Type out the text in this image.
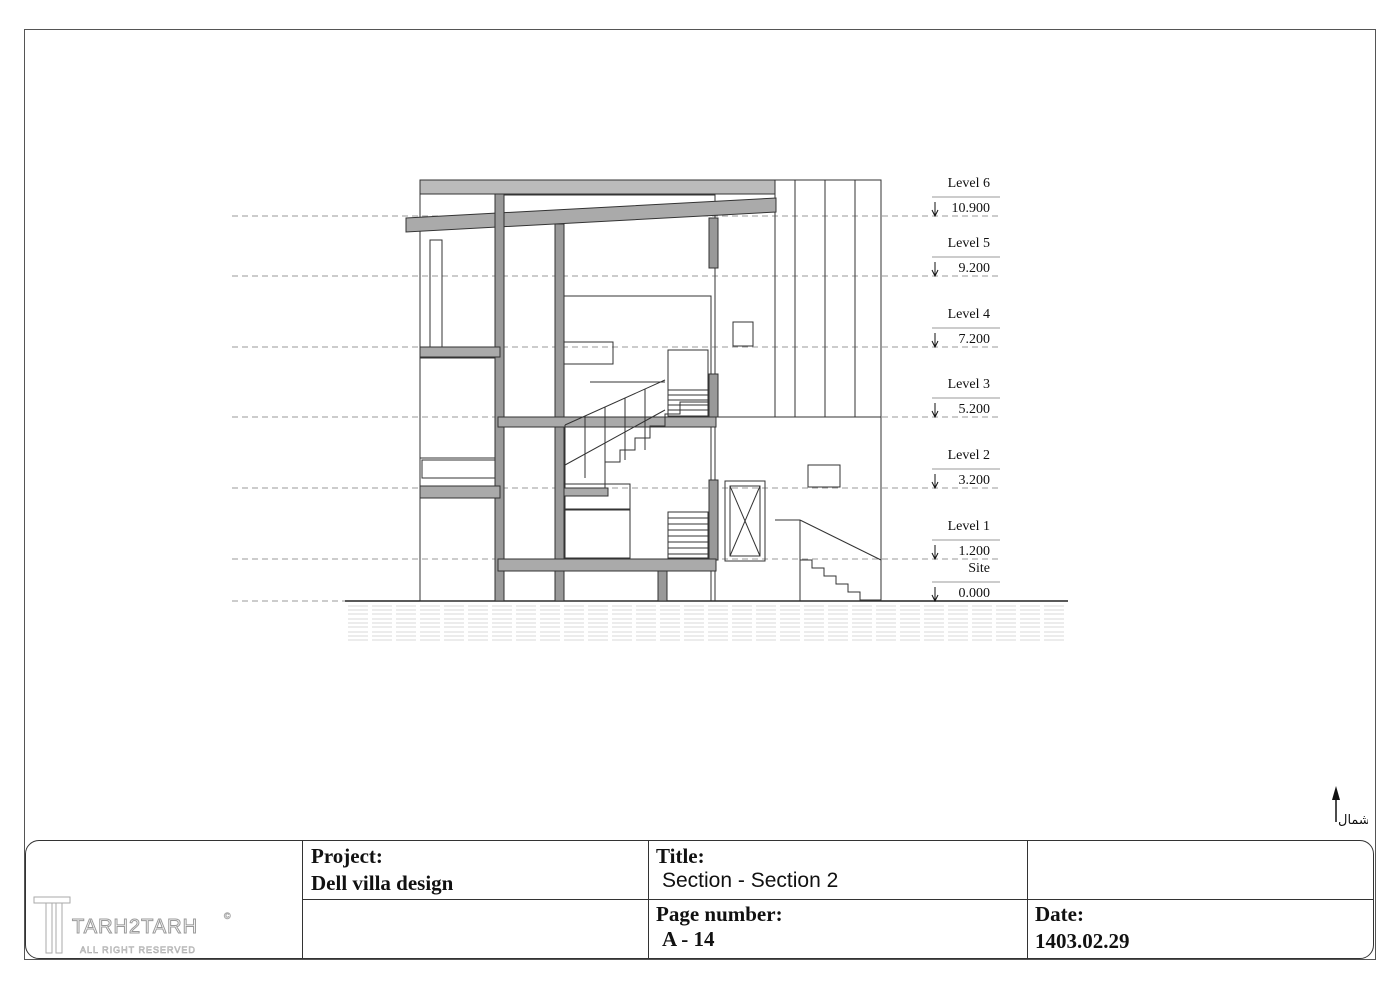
Level 6
10.900
Level 5
9.200
Level 4
7.200
Level 3
5.200
Level 2
3.200
Level 1
1.200
Site
0.000
شمال
Project:
Dell villa design
Title:
Section - Section 2
Page number:
A - 14
Date:
1403.02.29
TARH2TARH
ALL RIGHT RESERVED
©
